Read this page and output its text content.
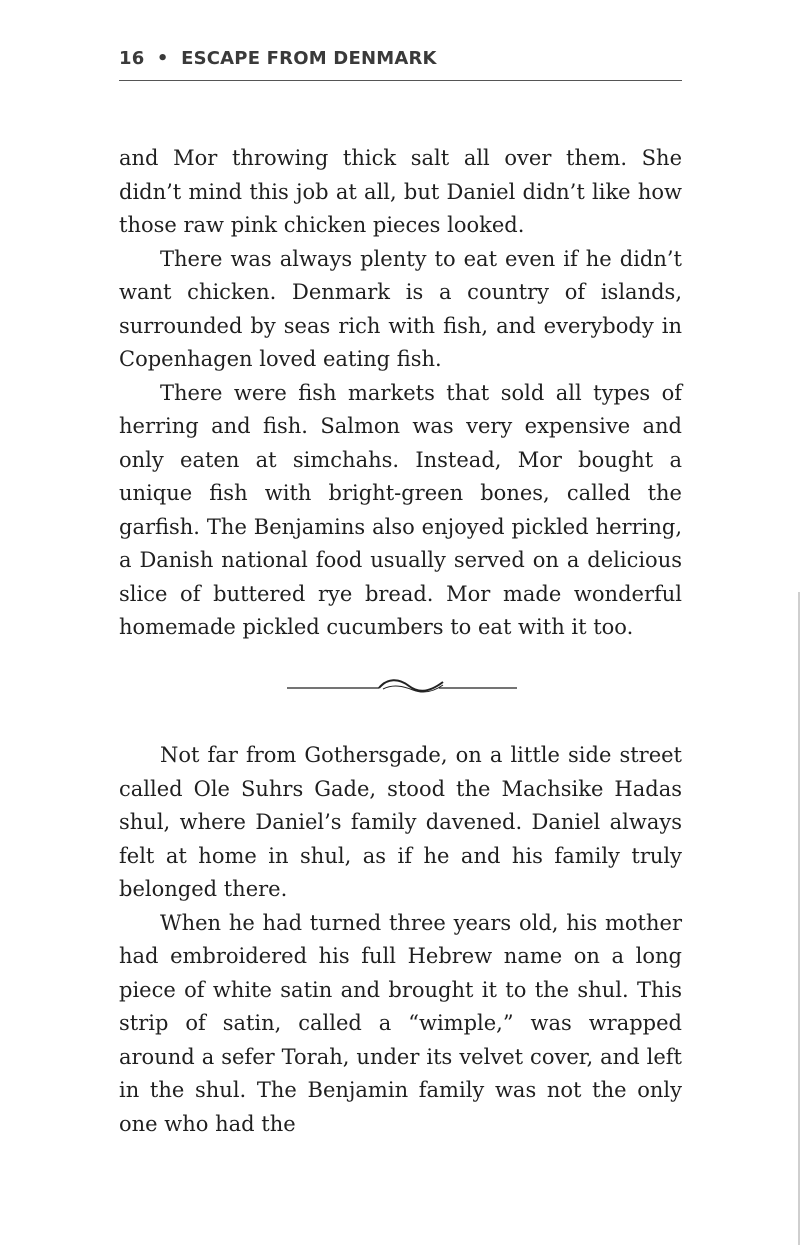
16 • ESCAPE FROM DENMARK

and Mor throwing thick salt all over them. She didn’t mind this job at all, but Daniel didn’t like how those raw pink chicken pieces looked.

There was always plenty to eat even if he didn’t want chicken. Denmark is a country of islands, surrounded by seas rich with fish, and everybody in Copenhagen loved eating fish.

There were fish markets that sold all types of herring and fish. Salmon was very expensive and only eaten at simchahs. Instead, Mor bought a unique fish with bright-green bones, called the garfish. The Benjamins also enjoyed pickled herring, a Danish national food usually served on a delicious slice of buttered rye bread. Mor made wonderful homemade pickled cucumbers to eat with it too.

Not far from Gothersgade, on a little side street called Ole Suhrs Gade, stood the Machsike Hadas shul, where Daniel’s family davened. Daniel always felt at home in shul, as if he and his family truly belonged there.

When he had turned three years old, his mother had embroidered his full Hebrew name on a long piece of white satin and brought it to the shul. This strip of satin, called a “wimple,” was wrapped around a sefer Torah, under its velvet cover, and left in the shul. The Benjamin family was not the only one who had the
